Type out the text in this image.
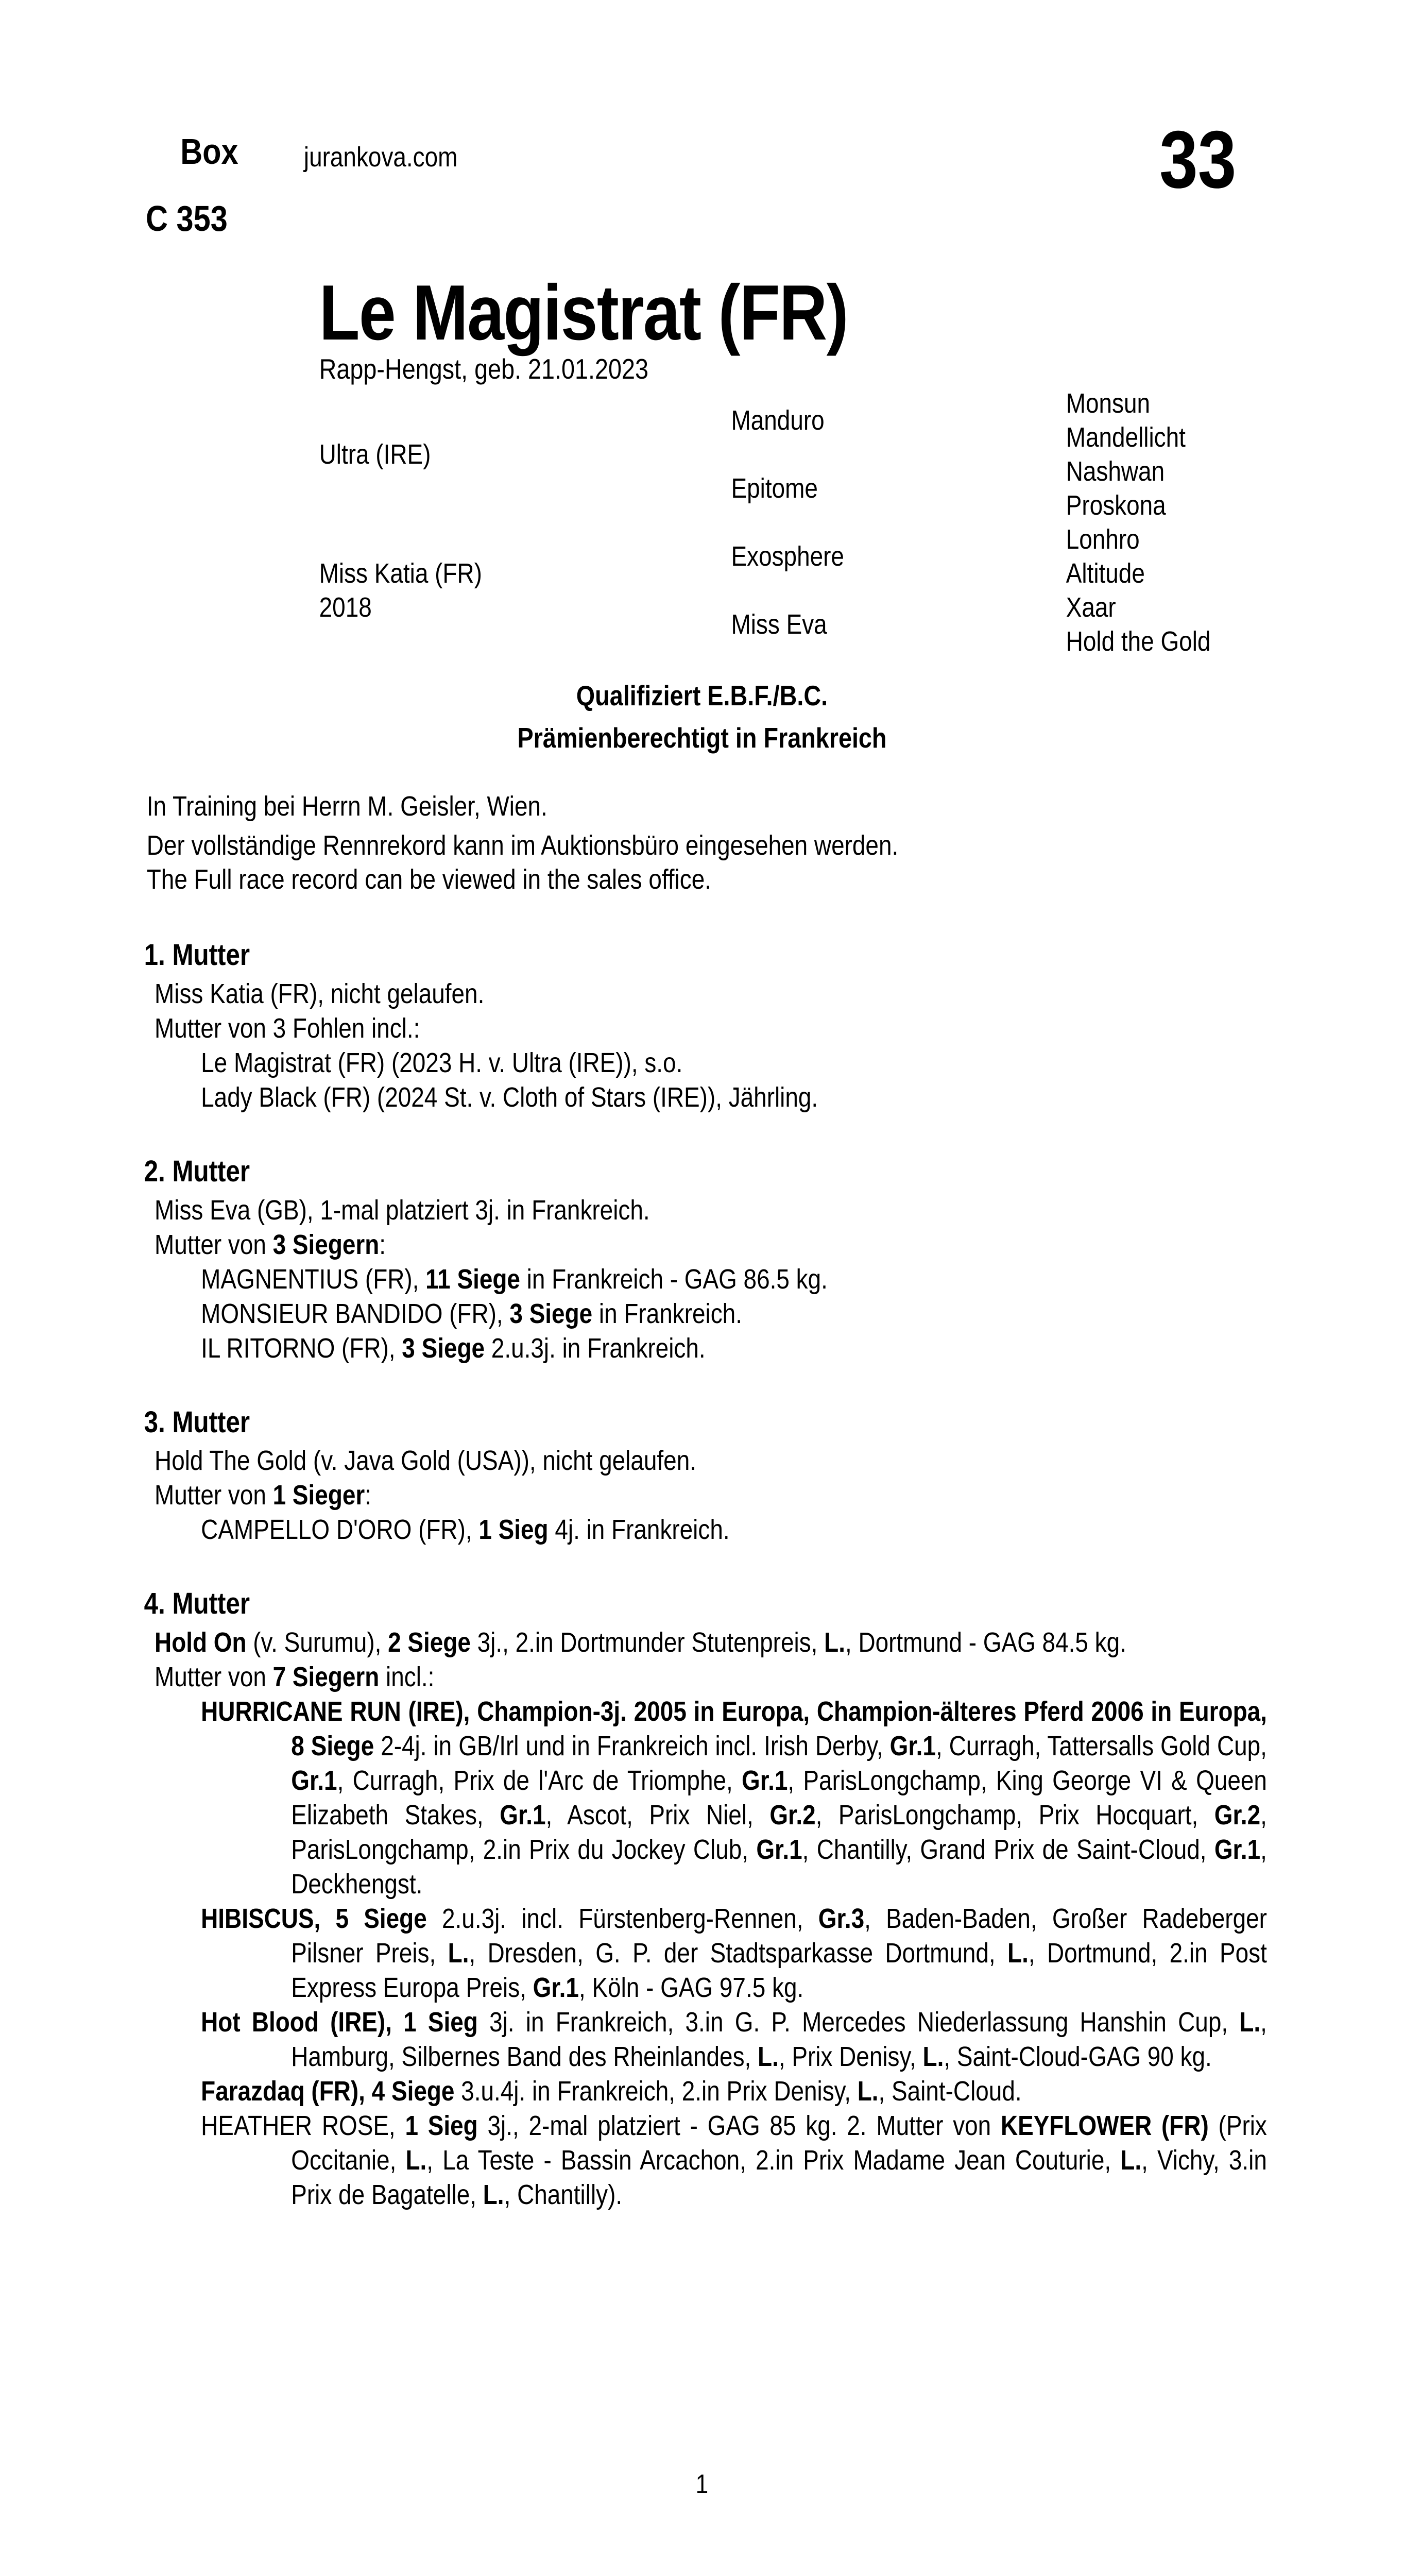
Box jurankova.com	33
C 353
Le Magistrat (FR)
Rapp-Hengst, geb. 21.01.2023
Ultra (IRE)
Miss Katia (FR)
2018
Manduro
Epitome
Exosphere
Miss Eva
Monsun
Mandellicht
Nashwan
Proskona
Lonhro
Altitude
Xaar
Hold the Gold
Qualifiziert E.B.F./B.C.
Prämienberechtigt in Frankreich

In Training bei Herrn M. Geisler, Wien.

Der vollständige Rennrekord kann im Auktionsbüro eingesehen werden.

The Full race record can be viewed in the sales office.

1. Mutter

Miss Katia (FR), nicht gelaufen.

Mutter von 3 Fohlen incl.:

Le Magistrat (FR) (2023 H. v. Ultra (IRE)), s.o.

Lady Black (FR) (2024 St. v. Cloth of Stars (IRE)), Jährling.

2. Mutter

Miss Eva (GB), 1-mal platziert 3j. in Frankreich.

Mutter von 3 Siegern:

MAGNENTIUS (FR), 11 Siege in Frankreich - GAG 86.5 kg.

MONSIEUR BANDIDO (FR), 3 Siege in Frankreich.

IL RITORNO (FR), 3 Siege 2.u.3j. in Frankreich.

3. Mutter

Hold The Gold (v. Java Gold (USA)), nicht gelaufen.

Mutter von 1 Sieger:

CAMPELLO D'ORO (FR), 1 Sieg 4j. in Frankreich.

4. Mutter

Hold On (v. Surumu), 2 Siege 3j., 2.in Dortmunder Stutenpreis, L., Dortmund - GAG 84.5 kg.

Mutter von 7 Siegern incl.:

HURRICANE RUN (IRE), Champion-3j. 2005 in Europa, Champion-älteres Pferd 2006 in Europa, 8 Siege 2-4j. in GB/Irl und in Frankreich incl. Irish Derby, Gr.1, Curragh, Tattersalls Gold Cup, Gr.1, Curragh, Prix de l'Arc de Triomphe, Gr.1, ParisLongchamp, King George VI & Queen Elizabeth Stakes, Gr.1, Ascot, Prix Niel, Gr.2, ParisLongchamp, Prix Hocquart, Gr.2, ParisLongchamp, 2.in Prix du Jockey Club, Gr.1, Chantilly, Grand Prix de Saint-Cloud, Gr.1, Deckhengst.

HIBISCUS, 5 Siege 2.u.3j. incl. Fürstenberg-Rennen, Gr.3, Baden-Baden, Großer Radeberger Pilsner Preis, L., Dresden, G. P. der Stadtsparkasse Dortmund, L., Dortmund, 2.in Post Express Europa Preis, Gr.1, Köln - GAG 97.5 kg.

Hot Blood (IRE), 1 Sieg 3j. in Frankreich, 3.in G. P. Mercedes Niederlassung Hanshin Cup, L., Hamburg, Silbernes Band des Rheinlandes, L., Prix Denisy, L., Saint-Cloud-GAG 90 kg.

Farazdaq (FR), 4 Siege 3.u.4j. in Frankreich, 2.in Prix Denisy, L., Saint-Cloud.

HEATHER ROSE, 1 Sieg 3j., 2-mal platziert - GAG 85 kg. 2. Mutter von KEYFLOWER (FR) (Prix Occitanie, L., La Teste - Bassin Arcachon, 2.in Prix Madame Jean Couturie, L., Vichy, 3.in Prix de Bagatelle, L., Chantilly).

1
